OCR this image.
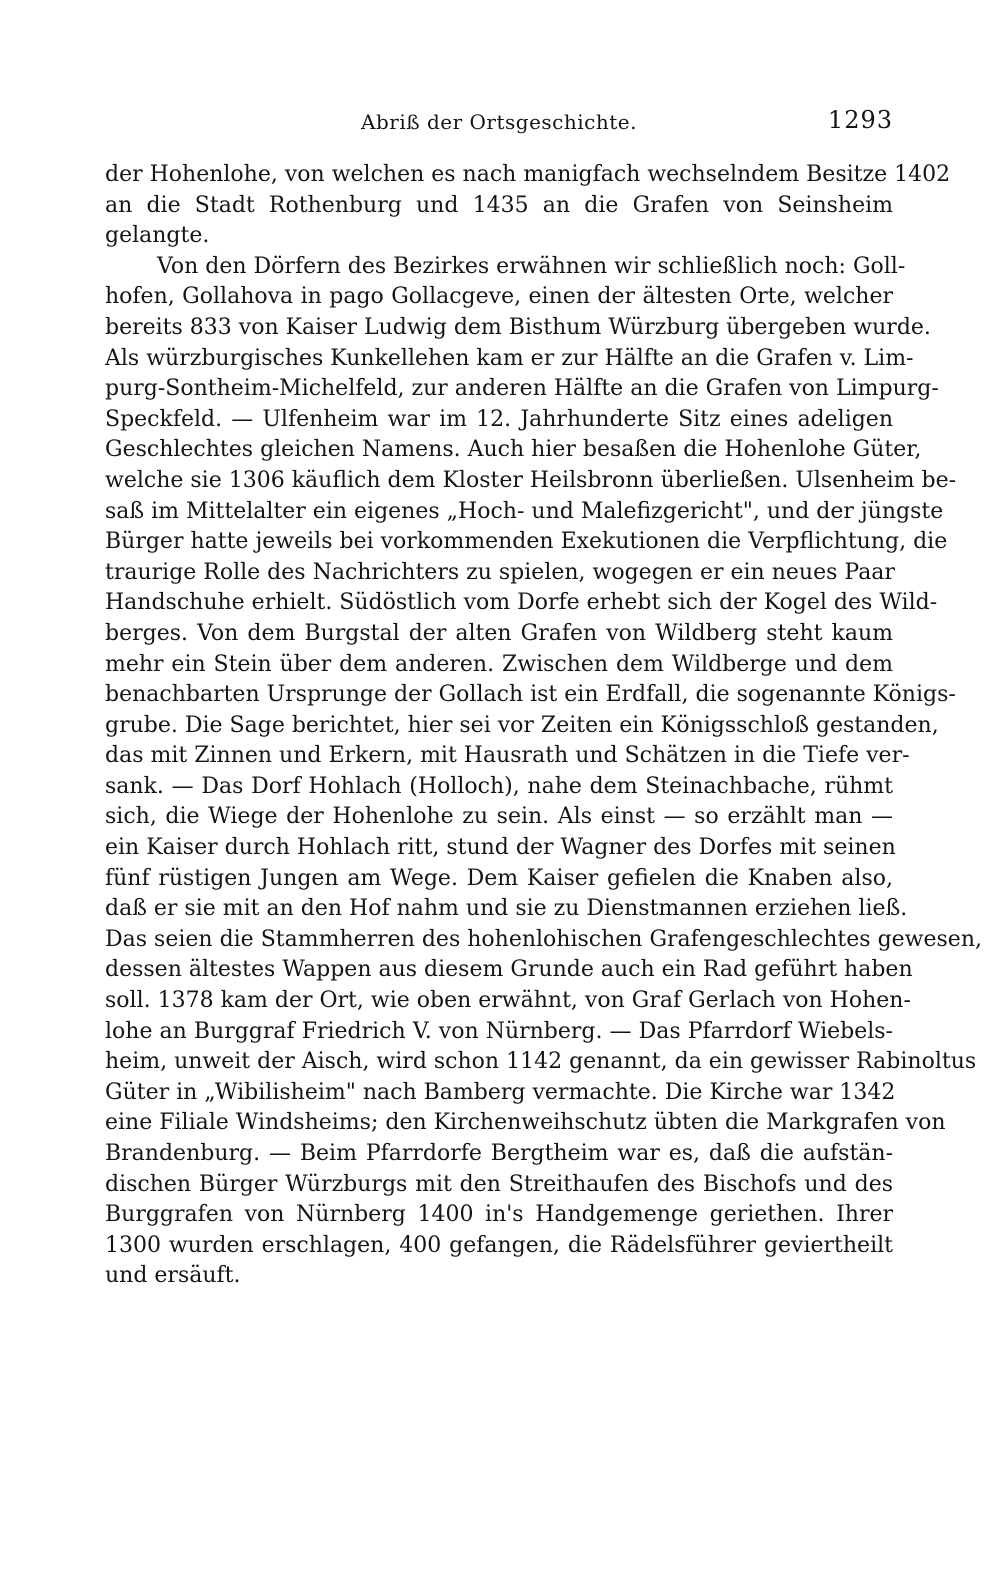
Abriß der Ortsgeschichte.	1293
der Hohenlohe, von welchen es nach manigfach wechselndem Besitze 1402
an die Stadt Rothenburg und 1435 an die Grafen von Seinsheim
gelangte.
Von den Dörfern des Bezirkes erwähnen wir schließlich noch: Goll-
hofen, Gollahova in pago Gollacgeve, einen der ältesten Orte, welcher
bereits 833 von Kaiser Ludwig dem Bisthum Würzburg übergeben wurde.
Als würzburgisches Kunkellehen kam er zur Hälfte an die Grafen v. Lim-
purg-Sontheim-Michelfeld, zur anderen Hälfte an die Grafen von Limpurg-
Speckfeld. — Ulfenheim war im 12. Jahrhunderte Sitz eines adeligen
Geschlechtes gleichen Namens. Auch hier besaßen die Hohenlohe Güter,
welche sie 1306 käuflich dem Kloster Heilsbronn überließen. Ulsenheim be-
saß im Mittelalter ein eigenes „Hoch- und Malefizgericht", und der jüngste
Bürger hatte jeweils bei vorkommenden Exekutionen die Verpflichtung, die
traurige Rolle des Nachrichters zu spielen, wogegen er ein neues Paar
Handschuhe erhielt. Südöstlich vom Dorfe erhebt sich der Kogel des Wild-
berges. Von dem Burgstal der alten Grafen von Wildberg steht kaum
mehr ein Stein über dem anderen. Zwischen dem Wildberge und dem
benachbarten Ursprunge der Gollach ist ein Erdfall, die sogenannte Königs-
grube. Die Sage berichtet, hier sei vor Zeiten ein Königsschloß gestanden,
das mit Zinnen und Erkern, mit Hausrath und Schätzen in die Tiefe ver-
sank. — Das Dorf Hohlach (Holloch), nahe dem Steinachbache, rühmt
sich, die Wiege der Hohenlohe zu sein. Als einst — so erzählt man —
ein Kaiser durch Hohlach ritt, stund der Wagner des Dorfes mit seinen
fünf rüstigen Jungen am Wege. Dem Kaiser gefielen die Knaben also,
daß er sie mit an den Hof nahm und sie zu Dienstmannen erziehen ließ.
Das seien die Stammherren des hohenlohischen Grafengeschlechtes gewesen,
dessen ältestes Wappen aus diesem Grunde auch ein Rad geführt haben
soll. 1378 kam der Ort, wie oben erwähnt, von Graf Gerlach von Hohen-
lohe an Burggraf Friedrich V. von Nürnberg. — Das Pfarrdorf Wiebels-
heim, unweit der Aisch, wird schon 1142 genannt, da ein gewisser Rabinoltus
Güter in „Wibilisheim" nach Bamberg vermachte. Die Kirche war 1342
eine Filiale Windsheims; den Kirchenweihschutz übten die Markgrafen von
Brandenburg. — Beim Pfarrdorfe Bergtheim war es, daß die aufstän-
dischen Bürger Würzburgs mit den Streithaufen des Bischofs und des
Burggrafen von Nürnberg 1400 in's Handgemenge geriethen. Ihrer
1300 wurden erschlagen, 400 gefangen, die Rädelsführer geviertheilt
und ersäuft.
